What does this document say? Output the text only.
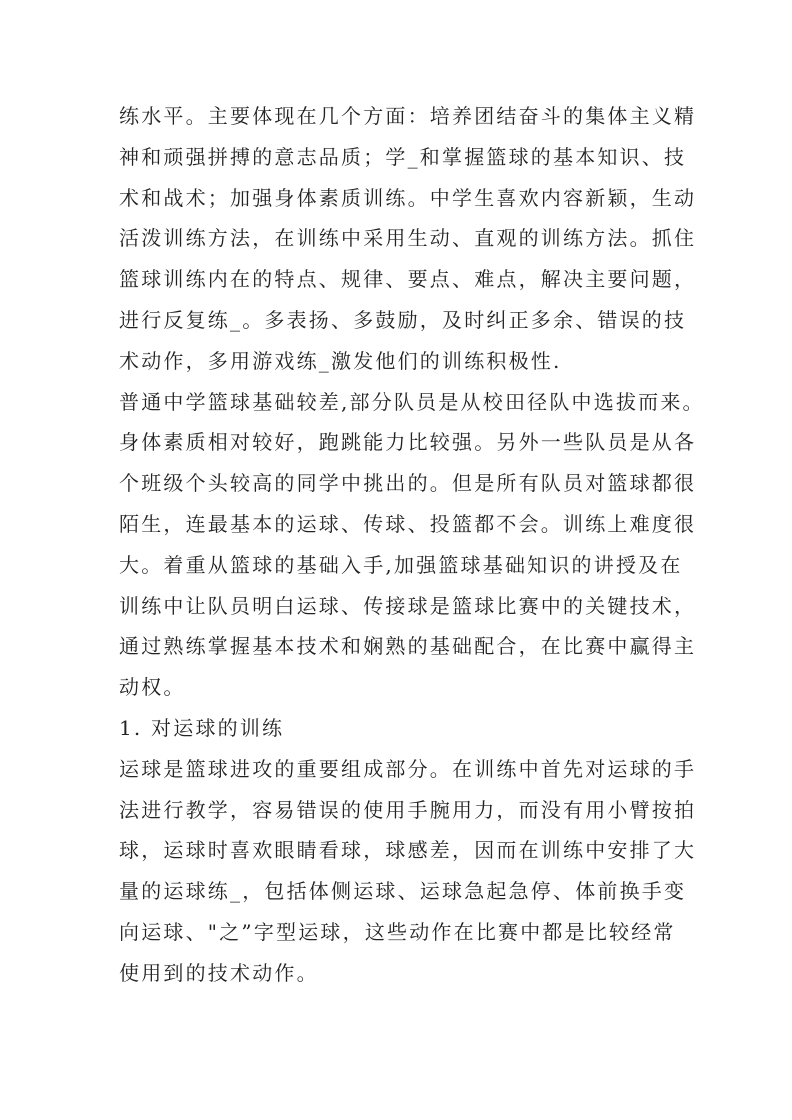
练水平。主要体现在几个方面：培养团结奋斗的集体主义精
神和顽强拼搏的意志品质；学_和掌握篮球的基本知识、技
术和战术；加强身体素质训练。中学生喜欢内容新颖，生动
活泼训练方法，在训练中采用生动、直观的训练方法。抓住
篮球训练内在的特点、规律、要点、难点，解决主要问题，
进行反复练_。多表扬、多鼓励，及时纠正多余、错误的技
术动作，多用游戏练_激发他们的训练积极性.
普通中学篮球基础较差,部分队员是从校田径队中选拔而来。
身体素质相对较好，跑跳能力比较强。另外一些队员是从各
个班级个头较高的同学中挑出的。但是所有队员对篮球都很
陌生，连最基本的运球、传球、投篮都不会。训练上难度很
大。着重从篮球的基础入手,加强篮球基础知识的讲授及在
训练中让队员明白运球、传接球是篮球比赛中的关键技术，
通过熟练掌握基本技术和娴熟的基础配合，在比赛中赢得主
动权。
1. 对运球的训练
运球是篮球进攻的重要组成部分。在训练中首先对运球的手
法进行教学，容易错误的使用手腕用力，而没有用小臂按拍
球，运球时喜欢眼睛看球，球感差，因而在训练中安排了大
量的运球练_，包括体侧运球、运球急起急停、体前换手变
向运球、"之”字型运球，这些动作在比赛中都是比较经常
使用到的技术动作。
